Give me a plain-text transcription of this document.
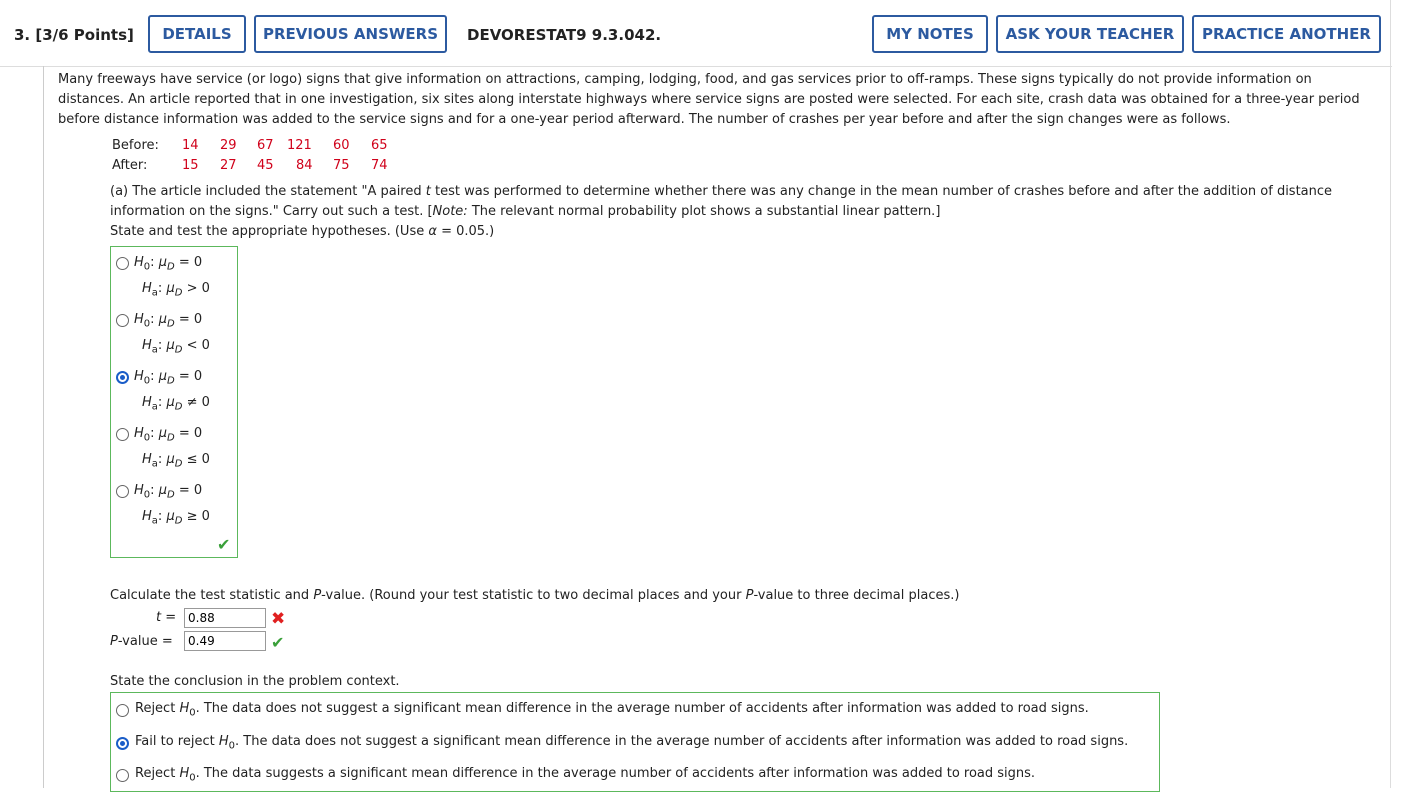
3. [3/6 Points]	DETAILS	PREVIOUS ANSWERS	DEVORESTAT9 9.3.042.	MY NOTES	ASK YOUR TEACHER	PRACTICE ANOTHER
Many freeways have service (or logo) signs that give information on attractions, camping, lodging, food, and gas services prior to off-ramps. These signs typically do not provide information on distances. An article reported that in one investigation, six sites along interstate highways where service signs are posted were selected. For each site, crash data was obtained for a three-year period before distance information was added to the service signs and for a one-year period afterward. The number of crashes per year before and after the sign changes were as follows.
Before:	14 29 67 121 60 65
After:	15 27 45 84 75 74
(a) The article included the statement "A paired t test was performed to determine whether there was any change in the mean number of crashes before and after the addition of distance information on the signs." Carry out such a test. [Note: The relevant normal probability plot shows a substantial linear pattern.]
State and test the appropriate hypotheses. (Use α = 0.05.)
$H_0$: $\mu_D = 0$
$H_a$: $\mu_D > 0$
$H_0$: $\mu_D = 0$
$H_a$: $\mu_D < 0$
$H_0$: $\mu_D = 0$
$H_a$: $\mu_D \ne 0$
$H_0$: $\mu_D = 0$
$H_a$: $\mu_D \le 0$
$H_0$: $\mu_D = 0$
$H_a$: $\mu_D \ge 0$
✔
Calculate the test statistic and P-value. (Round your test statistic to two decimal places and your P-value to three decimal places.)
t =
0.88	✖
P-value =
0.49	✔
State the conclusion in the problem context.
Reject $H_0$. The data does not suggest a significant mean difference in the average number of accidents after information was added to road signs.
Fail to reject $H_0$. The data does not suggest a significant mean difference in the average number of accidents after information was added to road signs.
Reject $H_0$. The data suggests a significant mean difference in the average number of accidents after information was added to road signs.
